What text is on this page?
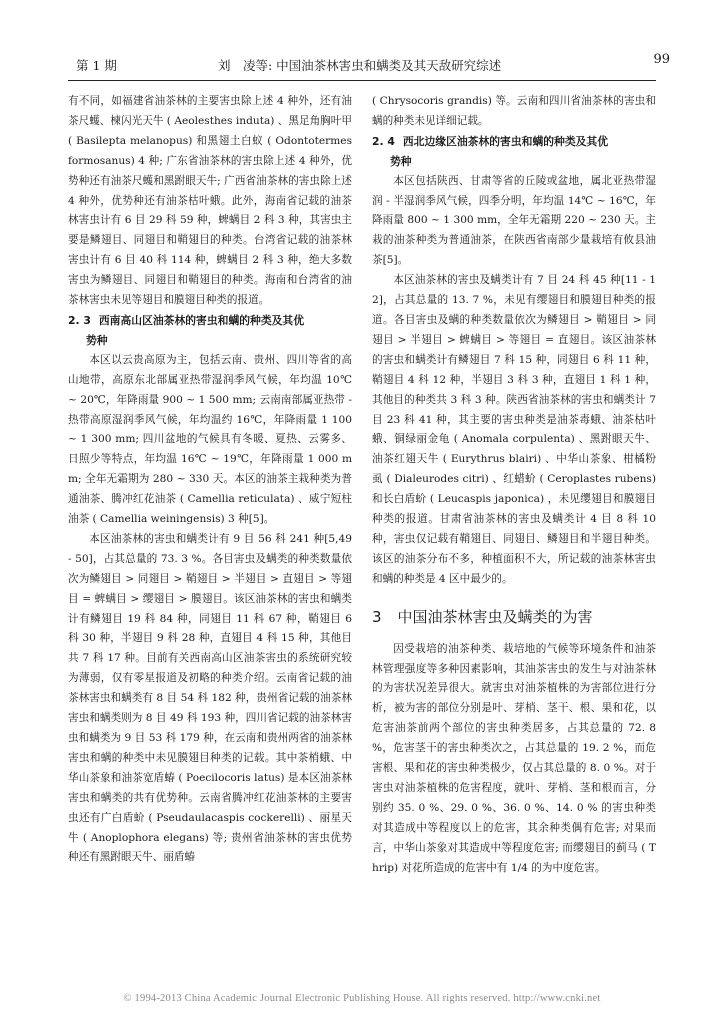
第 1 期	刘　凌等: 中国油茶林害虫和螨类及其天敌研究综述	99

有不同，如福建省油茶林的主要害虫除上述 4 种外，还有油茶尺蠖、楝闪光天牛 ( Aeolesthes induta) 、黑足角胸叶甲 ( Basilepta melanopus) 和黑翅土白蚁 ( Odontotermes formosanus) 4 种; 广东省油茶林的害虫除上述 4 种外，优势种还有油茶尺蠖和黑跗眼天牛; 广西省油茶林的害虫除上述 4 种外，优势种还有油茶枯叶蛾。此外，海南省记载的油茶林害虫计有 6 目 29 科 59 种，蜱螨目 2 科 3 种，其害虫主要是鳞翅目、同翅目和鞘翅目的种类。台湾省记载的油茶林害虫计有 6 目 40 科 114 种，蜱螨目 2 科 3 种，绝大多数害虫为鳞翅目、同翅目和鞘翅目的种类。海南和台湾省的油茶林害虫未见等翅目和膜翅目种类的报道。

2. 3 西南高山区油茶林的害虫和螨的种类及其优
势种

本区以云贵高原为主，包括云南、贵州、四川等省的高山地带，高原东北部属亚热带湿润季风气候，年均温 10℃ ~ 20℃，年降雨量 900 ~ 1 500 mm; 云南南部属亚热带 - 热带高原湿润季风气候，年均温约 16℃，年降雨量 1 100 ~ 1 300 mm; 四川盆地的气候具有冬暖、夏热、云雾多、日照少等特点，年均温 16℃ ~ 19℃，年降雨量 1 000 mm; 全年无霜期为 280 ~ 330 天。本区的油茶主栽种类为普通油茶、腾冲红花油茶 ( Camellia reticulata) 、威宁短柱油茶 ( Camellia weiningensis) 3 种[5]。

本区油茶林的害虫和螨类计有 9 目 56 科 241 种[5,49 - 50]，占其总量的 73. 3 %。各目害虫及螨类的种类数量依次为鳞翅目 > 同翅目 > 鞘翅目 > 半翅目 > 直翅目 > 等翅目 = 蜱螨目 > 缨翅目 > 膜翅目。该区油茶林的害虫和螨类计有鳞翅目 19 科 84 种，同翅目 11 科 67 种，鞘翅目 6 科 30 种，半翅目 9 科 28 种，直翅目 4 科 15 种，其他目共 7 科 17 种。目前有关西南高山区油茶害虫的系统研究较为薄弱，仅有零星报道及初略的种类介绍。云南省记载的油茶林害虫和螨类有 8 目 54 科 182 种，贵州省记载的油茶林害虫和螨类则为 8 目 49 科 193 种，四川省记载的油茶林害虫和螨类为 9 目 53 科 179 种，在云南和贵州两省的油茶林害虫和螨的种类中未见膜翅目种类的记载。其中茶梢蛾、中华山茶象和油茶宽盾蝽 ( Poecilocoris latus) 是本区油茶林害虫和螨类的共有优势种。云南省腾冲红花油茶林的主要害虫还有广白盾蚧 ( Pseudaulacaspis cockerelli) 、丽星天牛 ( Anoplophora elegans) 等; 贵州省油茶林的害虫优势种还有黑跗眼天牛、丽盾蝽

( Chrysocoris grandis) 等。云南和四川省油茶林的害虫和螨的种类未见详细记载。

2. 4 西北边缘区油茶林的害虫和螨的种类及其优
势种

本区包括陕西、甘肃等省的丘陵或盆地，属北亚热带湿润 - 半湿润季风气候，四季分明，年均温 14℃ ~ 16℃，年降雨量 800 ~ 1 300 mm，全年无霜期 220 ~ 230 天。主栽的油茶种类为普通油茶，在陕西省南部少量栽培有攸县油茶[5]。

本区油茶林的害虫及螨类计有 7 目 24 科 45 种[11 - 12]，占其总量的 13. 7 %，未见有缨翅目和膜翅目种类的报道。各目害虫及螨的种类数量依次为鳞翅目 > 鞘翅目 > 同翅目 > 半翅目 > 蜱螨目 > 等翅目 = 直翅目。该区油茶林的害虫和螨类计有鳞翅目 7 科 15 种，同翅目 6 科 11 种，鞘翅目 4 科 12 种，半翅目 3 科 3 种，直翅目 1 科 1 种，其他目的种类共 3 科 3 种。陕西省油茶林的害虫和螨类计 7 目 23 科 41 种，其主要的害虫种类是油茶毒蛾、油茶枯叶蛾、铜绿丽金龟 ( Anomala corpulenta) 、黑跗眼天牛、油茶红翅天牛 ( Eurythrus blairi) 、中华山茶象、柑橘粉虱 ( Dialeurodes citri) 、红蜡蚧 ( Ceroplastes rubens) 和长白盾蚧 ( Leucaspis japonica) ，未见缨翅目和膜翅目种类的报道。甘肃省油茶林的害虫及螨类计 4 目 8 科 10 种，害虫仅记载有鞘翅目、同翅目、鳞翅目和半翅目种类。该区的油茶分布不多，种植面积不大，所记载的油茶林害虫和螨的种类是 4 区中最少的。

3 中国油茶林害虫及螨类的为害

因受栽培的油茶种类、栽培地的气候等环境条件和油茶林管理强度等多种因素影响，其油茶害虫的发生与对油茶林的为害状况差异很大。就害虫对油茶植株的为害部位进行分析，被为害的部位分别是叶、芽梢、茎干、根、果和花，以危害油茶前两个部位的害虫种类居多，占其总量的 72. 8 %，危害茎干的害虫种类次之，占其总量的 19. 2 %，而危害根、果和花的害虫种类极少，仅占其总量的 8. 0 %。对于害虫对油茶植株的危害程度，就叶、芽梢、茎和根而言，分别约 35. 0 %、29. 0 %、36. 0 %、14. 0 % 的害虫种类对其造成中等程度以上的危害，其余种类偶有危害; 对果而言，中华山茶象对其造成中等程度危害; 而缨翅目的蓟马 ( Thrip) 对花所造成的危害中有 1/4 的为中度危害。

© 1994-2013 China Academic Journal Electronic Publishing House. All rights reserved. http://www.cnki.net
